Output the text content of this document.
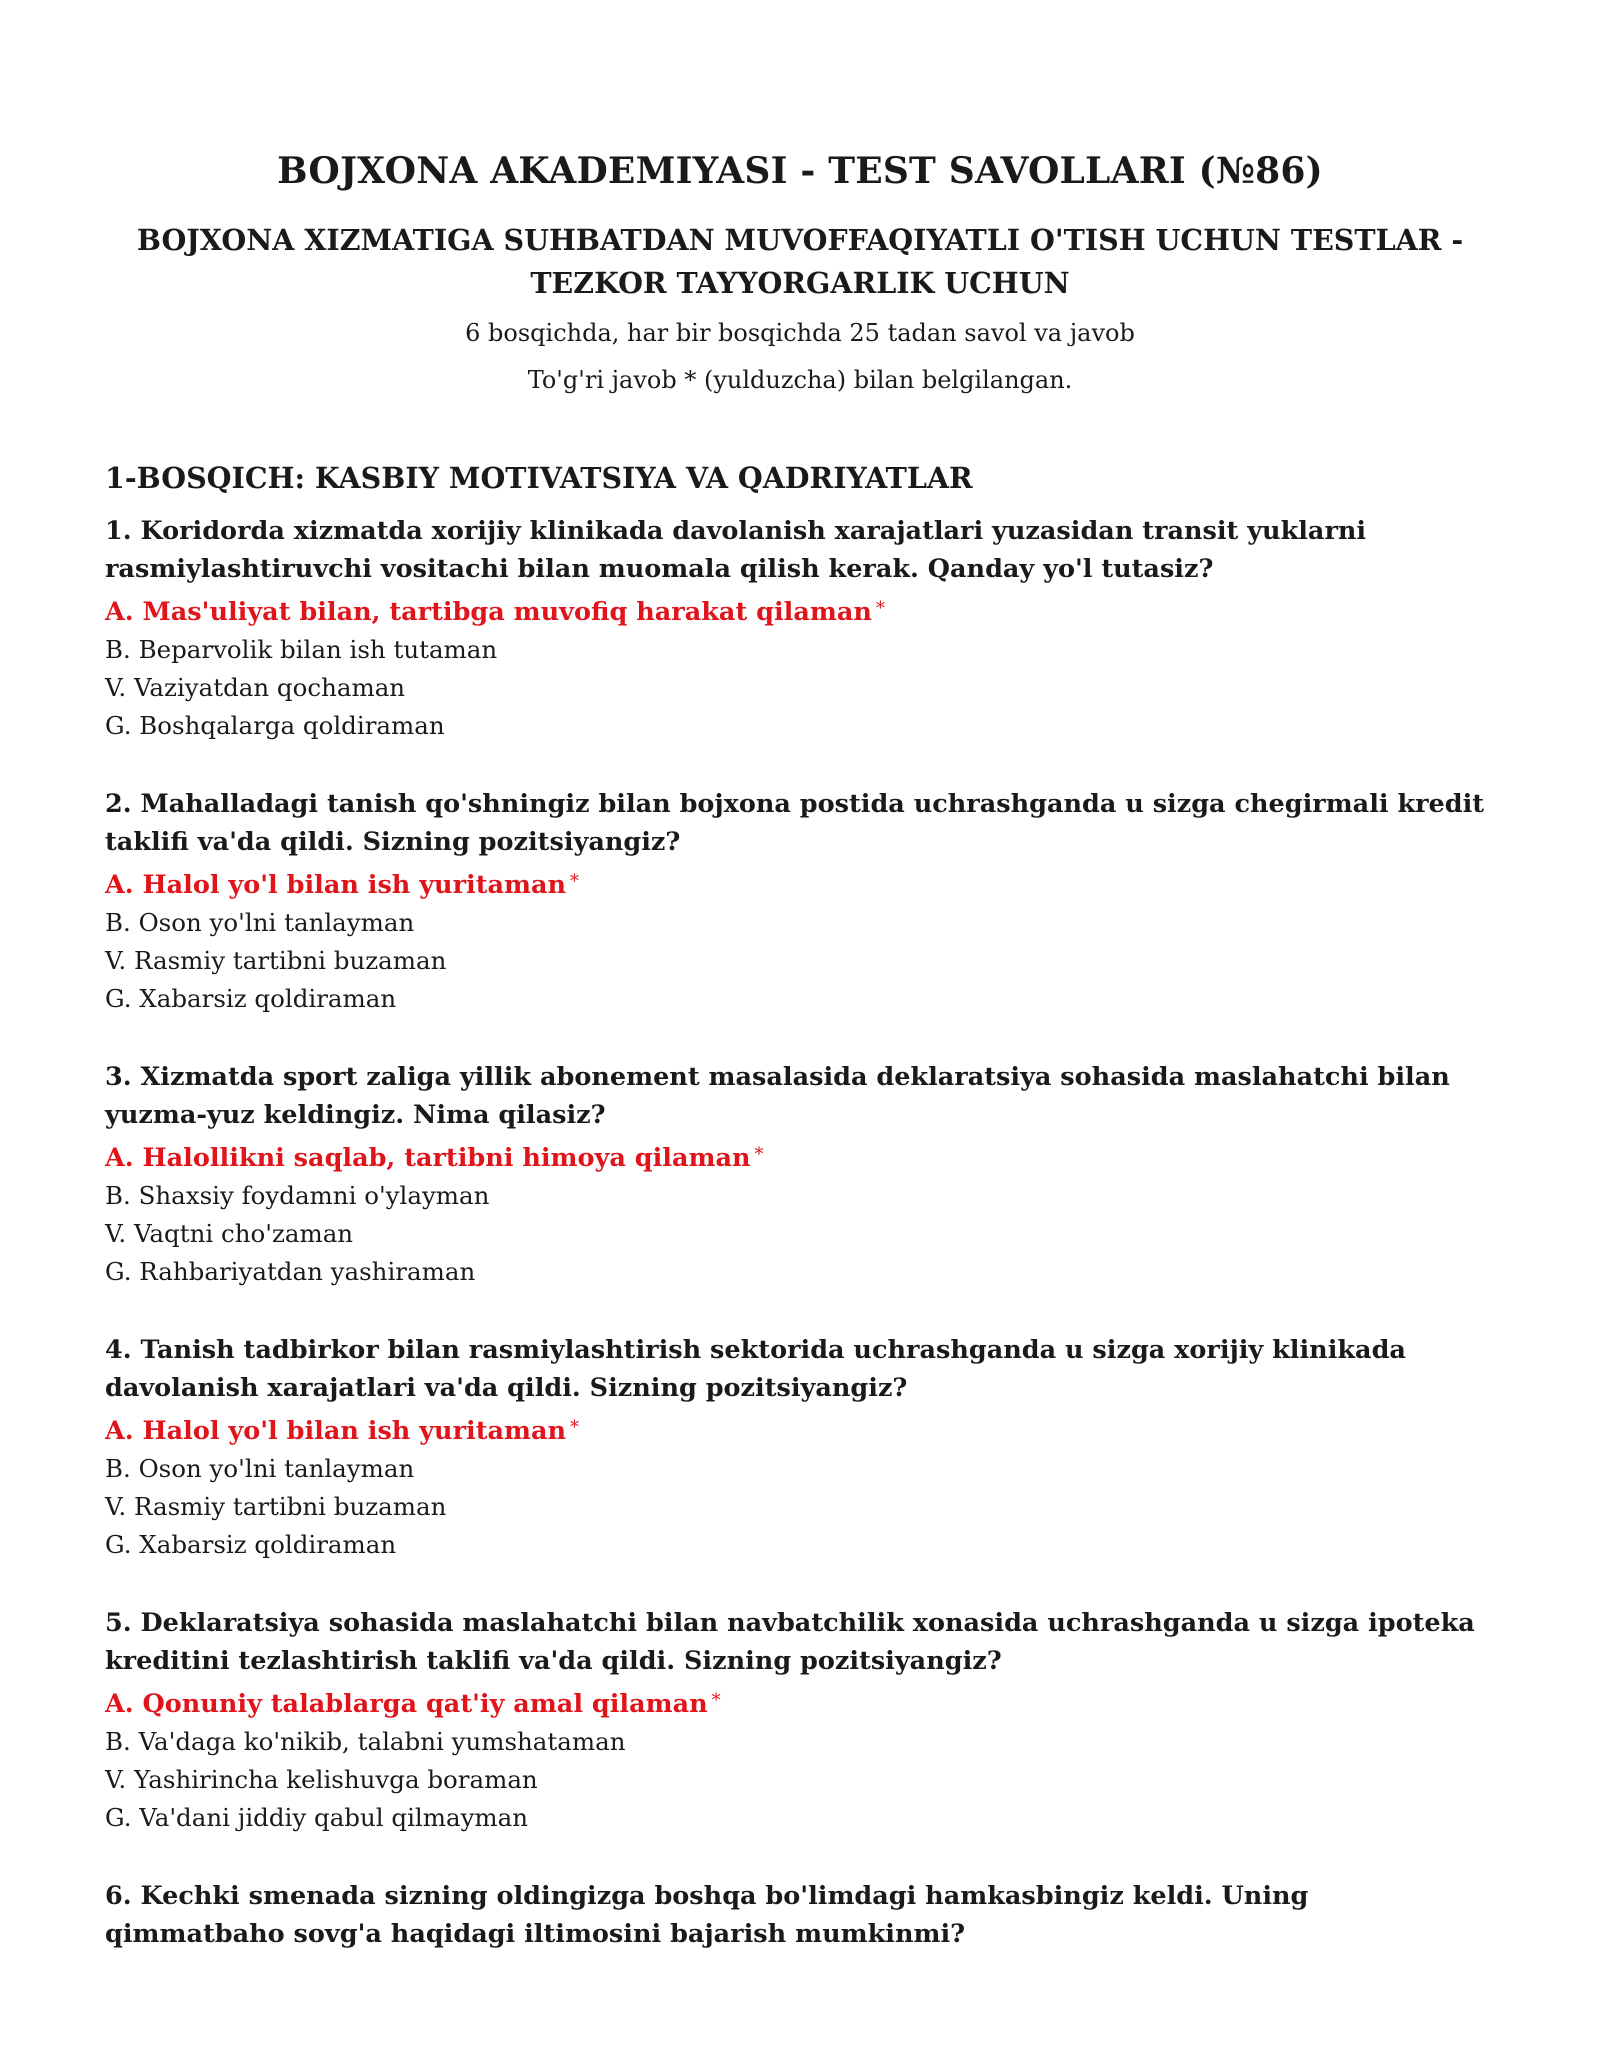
BOJXONA AKADEMIYASI - TEST SAVOLLARI (№86)
BOJXONA XIZMATIGA SUHBATDAN MUVOFFAQIYATLI O'TISH UCHUN TESTLAR - TEZKOR TAYYORGARLIK UCHUN
6 bosqichda, har bir bosqichda 25 tadan savol va javob
To'g'ri javob * (yulduzcha) bilan belgilangan.
1-BOSQICH: KASBIY MOTIVATSIYA VA QADRIYATLAR
1. Koridorda xizmatda xorijiy klinikada davolanish xarajatlari yuzasidan transit yuklarni rasmiylashtiruvchi vositachi bilan muomala qilish kerak. Qanday yo'l tutasiz?
A. Mas'uliyat bilan, tartibga muvofiq harakat qilaman *
B. Beparvolik bilan ish tutaman
V. Vaziyatdan qochaman
G. Boshqalarga qoldiraman
2. Mahalladagi tanish qo'shningiz bilan bojxona postida uchrashganda u sizga chegirmali kredit taklifi va'da qildi. Sizning pozitsiyangiz?
A. Halol yo'l bilan ish yuritaman *
B. Oson yo'lni tanlayman
V. Rasmiy tartibni buzaman
G. Xabarsiz qoldiraman
3. Xizmatda sport zaliga yillik abonement masalasida deklaratsiya sohasida maslahatchi bilan yuzma-yuz keldingiz. Nima qilasiz?
A. Halollikni saqlab, tartibni himoya qilaman *
B. Shaxsiy foydamni o'ylayman
V. Vaqtni cho'zaman
G. Rahbariyatdan yashiraman
4. Tanish tadbirkor bilan rasmiylashtirish sektorida uchrashganda u sizga xorijiy klinikada davolanish xarajatlari va'da qildi. Sizning pozitsiyangiz?
A. Halol yo'l bilan ish yuritaman *
B. Oson yo'lni tanlayman
V. Rasmiy tartibni buzaman
G. Xabarsiz qoldiraman
5. Deklaratsiya sohasida maslahatchi bilan navbatchilik xonasida uchrashganda u sizga ipoteka kreditini tezlashtirish taklifi va'da qildi. Sizning pozitsiyangiz?
A. Qonuniy talablarga qat'iy amal qilaman *
B. Va'daga ko'nikib, talabni yumshataman
V. Yashirincha kelishuvga boraman
G. Va'dani jiddiy qabul qilmayman
6. Kechki smenada sizning oldingizga boshqa bo'limdagi hamkasbingiz keldi. Uning qimmatbaho sovg'a haqidagi iltimosini bajarish mumkinmi?
